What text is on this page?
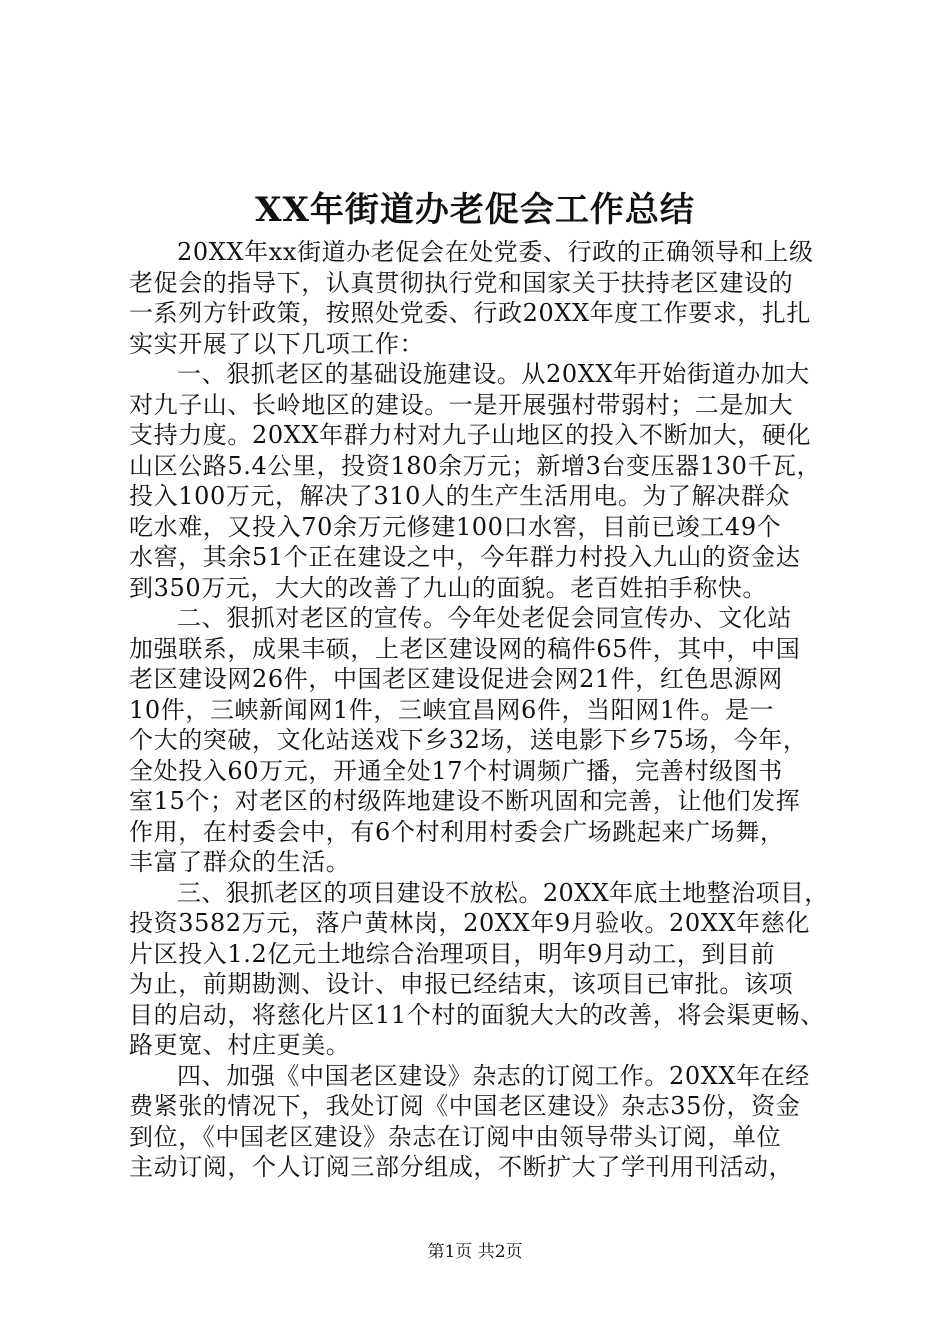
XX年街道办老促会工作总结
20XX年xx街道办老促会在处党委、行政的正确领导和上级
老促会的指导下，认真贯彻执行党和国家关于扶持老区建设的
一系列方针政策，按照处党委、行政20XX年度工作要求，扎扎
实实开展了以下几项工作：
一、狠抓老区的基础设施建设。从20XX年开始街道办加大
对九子山、长岭地区的建设。一是开展强村带弱村；二是加大
支持力度。20XX年群力村对九子山地区的投入不断加大，硬化
山区公路5.4公里，投资180余万元；新增3台变压器130千瓦，
投入100万元，解决了310人的生产生活用电。为了解决群众
吃水难，又投入70余万元修建100口水窖，目前已竣工49个
水窖，其余51个正在建设之中，今年群力村投入九山的资金达
到350万元，大大的改善了九山的面貌。老百姓拍手称快。
二、狠抓对老区的宣传。今年处老促会同宣传办、文化站
加强联系，成果丰硕，上老区建设网的稿件65件，其中，中国
老区建设网26件，中国老区建设促进会网21件，红色思源网
10件，三峡新闻网1件，三峡宜昌网6件，当阳网1件。是一
个大的突破，文化站送戏下乡32场，送电影下乡75场，今年，
全处投入60万元，开通全处17个村调频广播，完善村级图书
室15个；对老区的村级阵地建设不断巩固和完善，让他们发挥
作用，在村委会中，有6个村利用村委会广场跳起来广场舞，
丰富了群众的生活。
三、狠抓老区的项目建设不放松。20XX年底土地整治项目，
投资3582万元，落户黄林岗，20XX年9月验收。20XX年慈化
片区投入1.2亿元土地综合治理项目，明年9月动工，到目前
为止，前期勘测、设计、申报已经结束，该项目已审批。该项
目的启动，将慈化片区11个村的面貌大大的改善，将会渠更畅、
路更宽、村庄更美。
四、加强《中国老区建设》杂志的订阅工作。20XX年在经
费紧张的情况下，我处订阅《中国老区建设》杂志35份，资金
到位，《中国老区建设》杂志在订阅中由领导带头订阅，单位
主动订阅，个人订阅三部分组成，不断扩大了学刊用刊活动，
第1页 共2页
